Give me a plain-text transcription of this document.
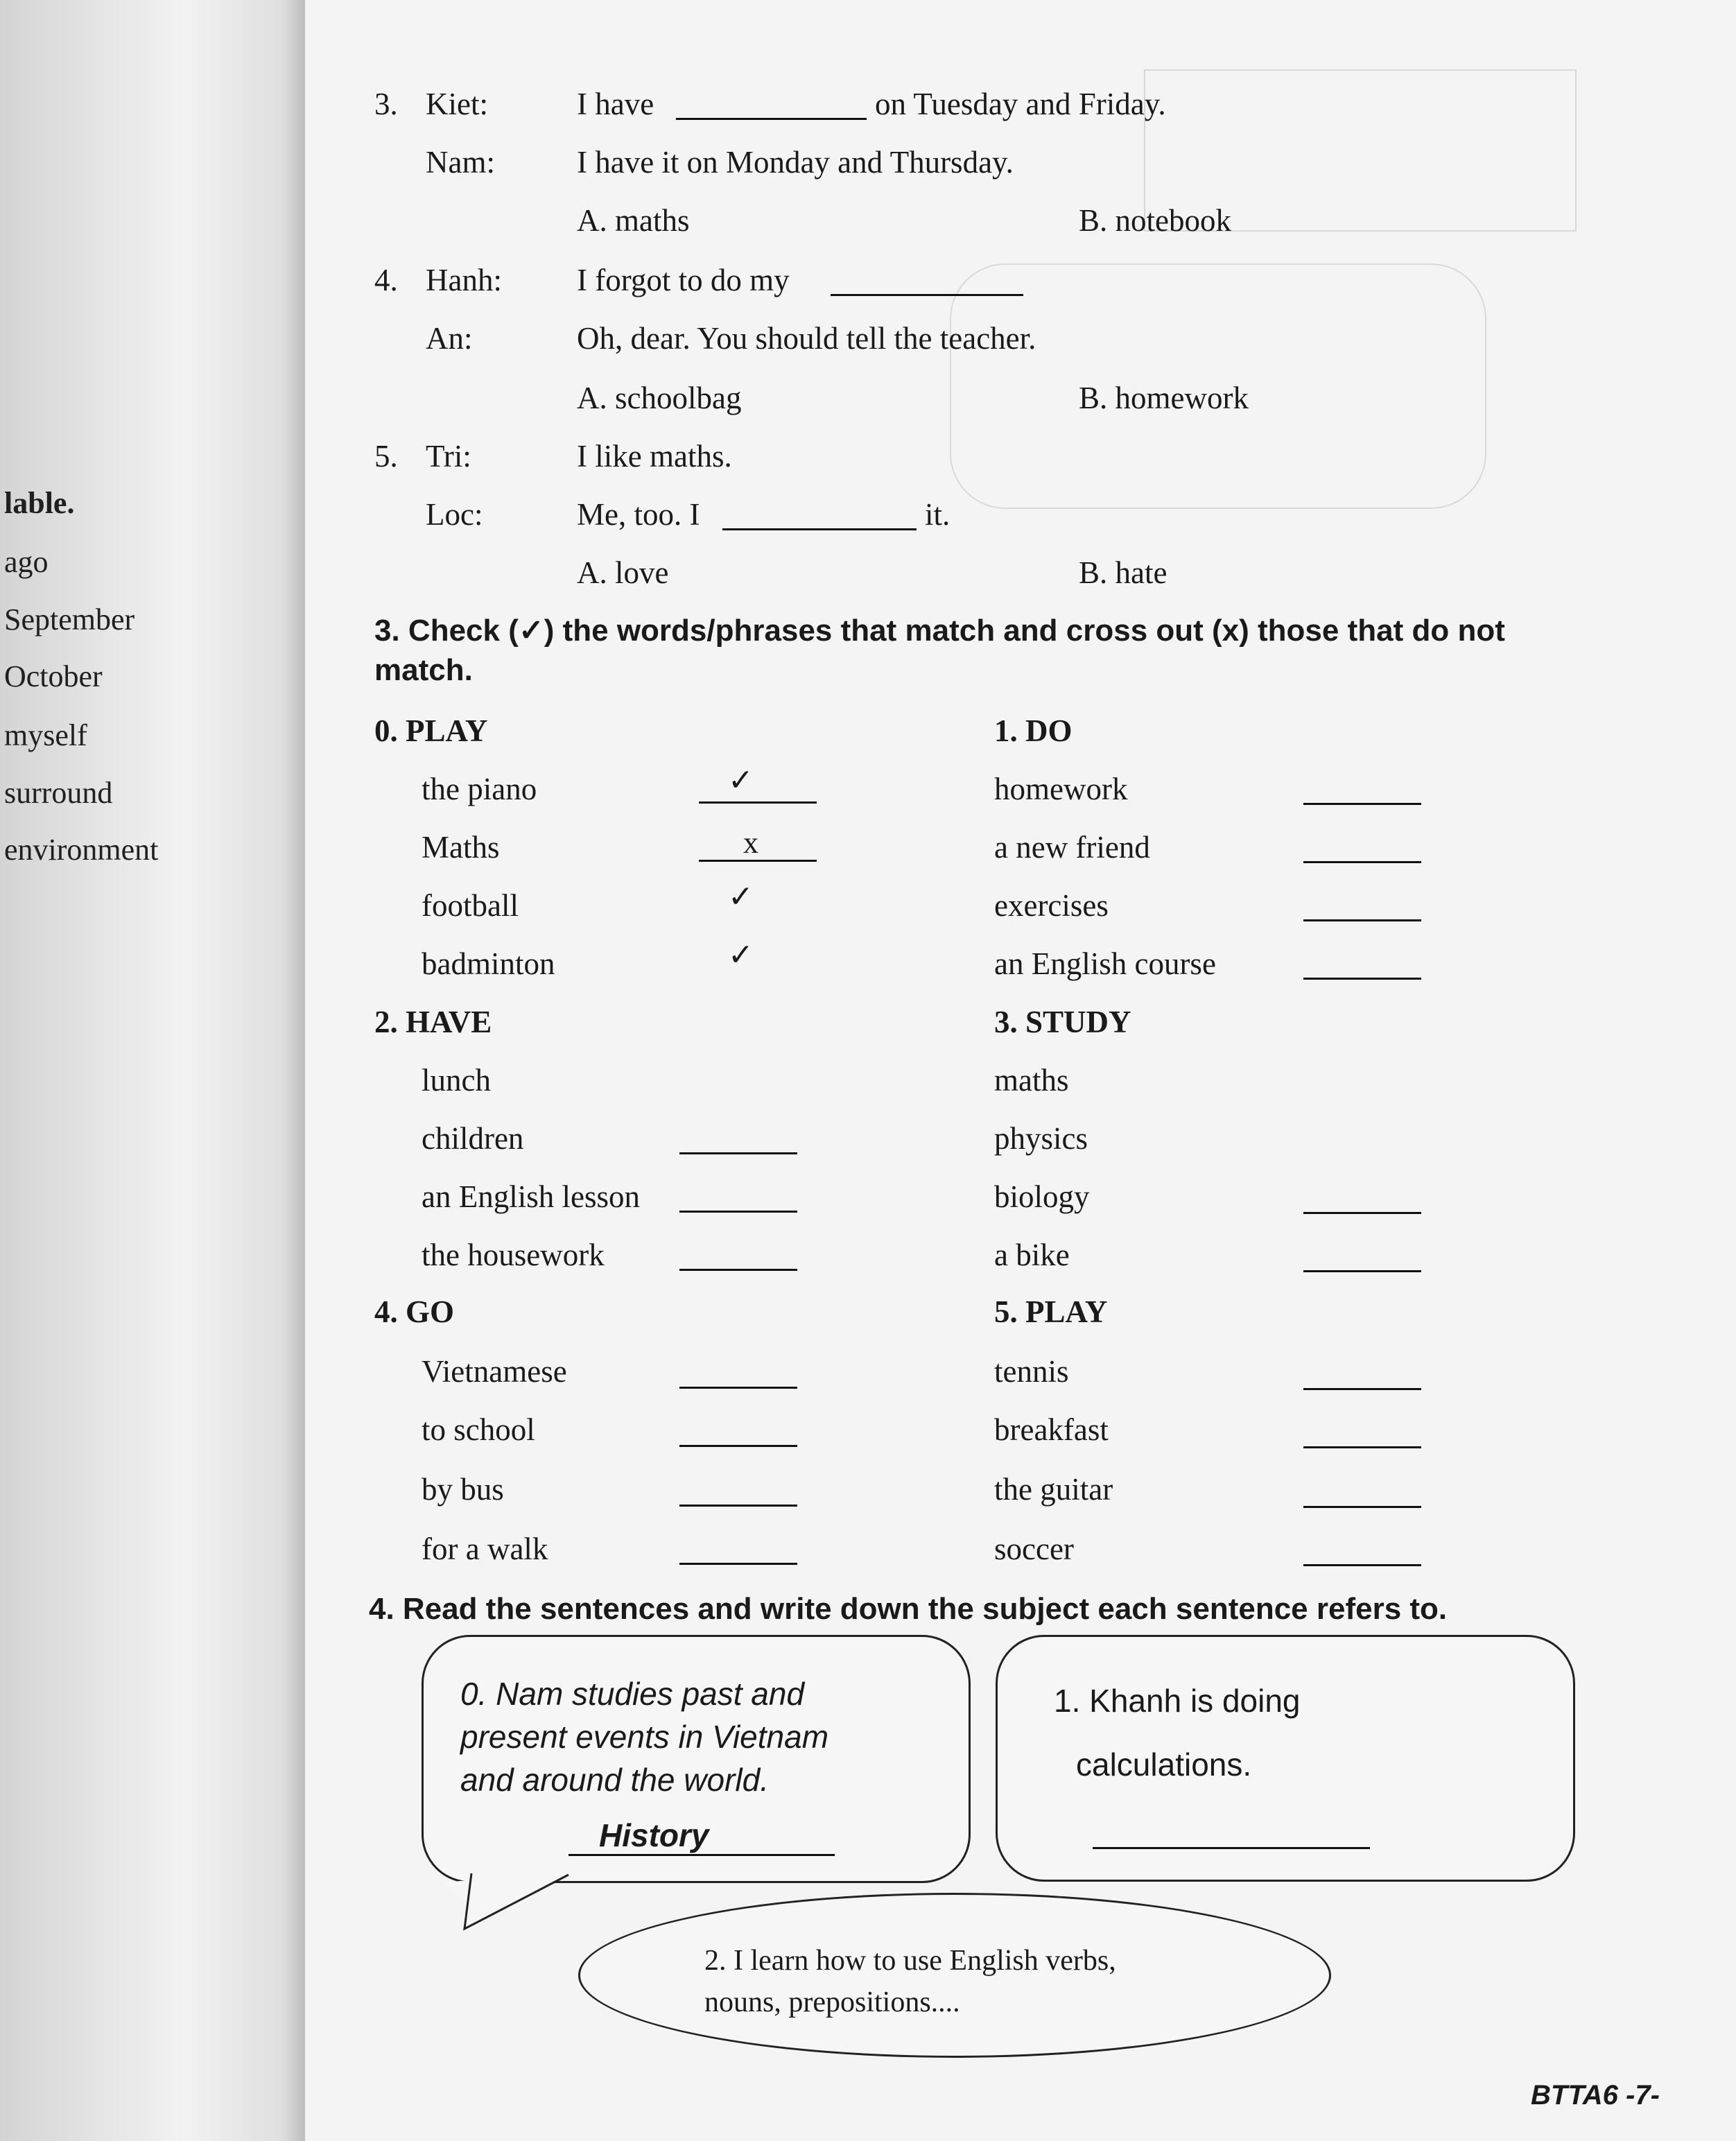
lable.
ago
September
October
myself
surround
environment
3. Kiet:	I have	on Tuesday and Friday.
Nam:	I have it on Monday and Thursday.
A. maths	B. notebook
4. Hanh: I forgot to do my
An:	Oh, dear. You should tell the teacher.
A. schoolbag	B. homework
5. Tri:	I like maths.
Loc:	Me, too. I	it.
A. love	B. hate
3. Check (✓) the words/phrases that match and cross out (x) those that do not
match.
0. PLAY
the piano	✓
Maths	x
football	✓
badminton	✓
1. DO
homework
a new friend
exercises
an English course
2. HAVE
lunch
children
an English lesson
the housework
3. STUDY
maths
physics
biology
a bike
4. GO
Vietnamese
to school
by bus
for a walk
5. PLAY
tennis
breakfast
the guitar
soccer
4. Read the sentences and write down the subject each sentence refers to.
0. Nam studies past and
present events in Vietnam
and around the world.
History
1. Khanh is doing
calculations.
2. I learn how to use English verbs,
nouns, prepositions....
BTTA6 -7-
